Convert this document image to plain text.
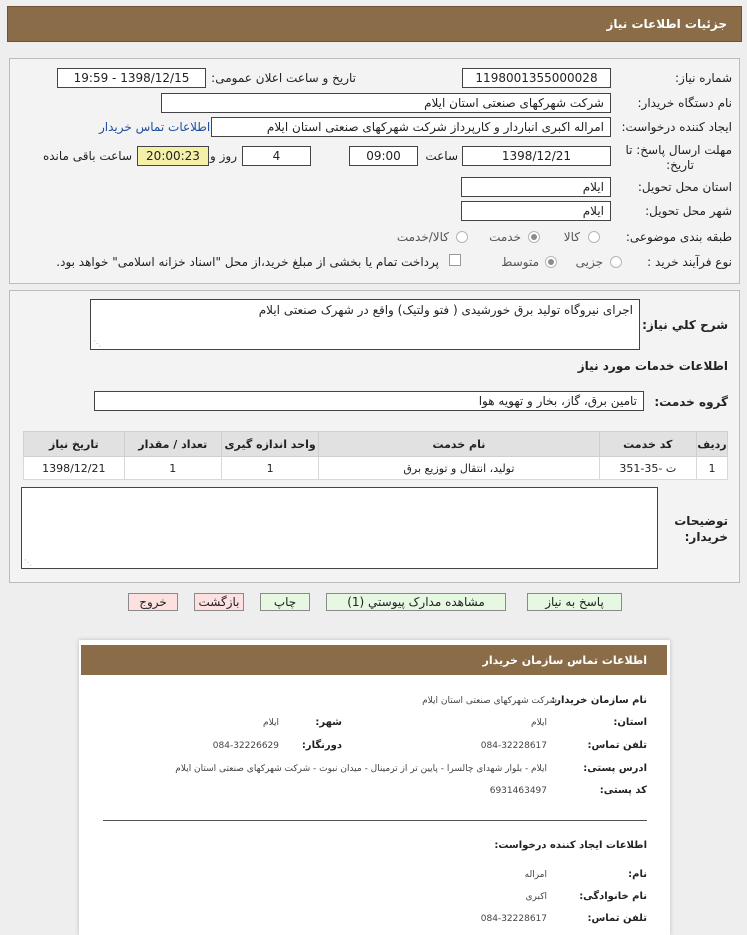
جزئیات اطلاعات نیاز
شماره نیاز:
1198001355000028
تاریخ و ساعت اعلان عمومی:
1398/12/15 - 19:59
نام دستگاه خریدار:
شرکت شهرکهای صنعتی استان ایلام
ایجاد کننده درخواست:
امراله اکبری انباردار و کارپرداز شرکت شهرکهای صنعتی استان ایلام
اطلاعات تماس خریدار
مهلت ارسال پاسخ: تا
تاریخ:
1398/12/21
ساعت
09:00
4
روز و
20:00:23
ساعت باقی مانده
استان محل تحویل:
ایلام
شهر محل تحویل:
ایلام
طبقه بندی موضوعی:
کالا
خدمت
کالا/خدمت
نوع فرآیند خرید :
جزیی
متوسط
پرداخت تمام یا بخشی از مبلغ خرید،از محل "اسناد خزانه اسلامی" خواهد بود.
شرح کلي نياز:
اجرای نیروگاه تولید برق خورشیدی ( فتو ولتیک) واقع در شهرک صنعتی ایلام
⋰
اطلاعات خدمات مورد نياز
گروه خدمت:
تامین برق، گاز، بخار و تهویه هوا
ردیف	کد خدمت	نام خدمت	واحد اندازه گیری	تعداد / مقدار	تاریخ نیاز
1	ت -35-351	تولید، انتقال و توزیع برق	1	1	1398/12/21
توضیحات
خریدار:
⋰
پاسخ به نیاز
مشاهده مدارک پیوستي (1)
چاپ
بازگشت
خروج
اطلاعات تماس سازمان خریدار
نام سازمان خریدار:
شرکت شهرکهای صنعتی استان ایلام
استان:
ایلام
شهر:
ایلام
تلفن تماس:
084-32228617
دورنگار:
084-32226629
ادرس پستی:
ایلام - بلوار شهدای چالسرا - پایین تر از ترمینال - میدان نبوت - شرکت شهرکهای صنعتی استان ایلام
کد پستی:
6931463497
اطلاعات ایجاد کننده درخواست:
نام:
امراله
نام خانوادگی:
اکبری
تلفن تماس:
084-32228617
